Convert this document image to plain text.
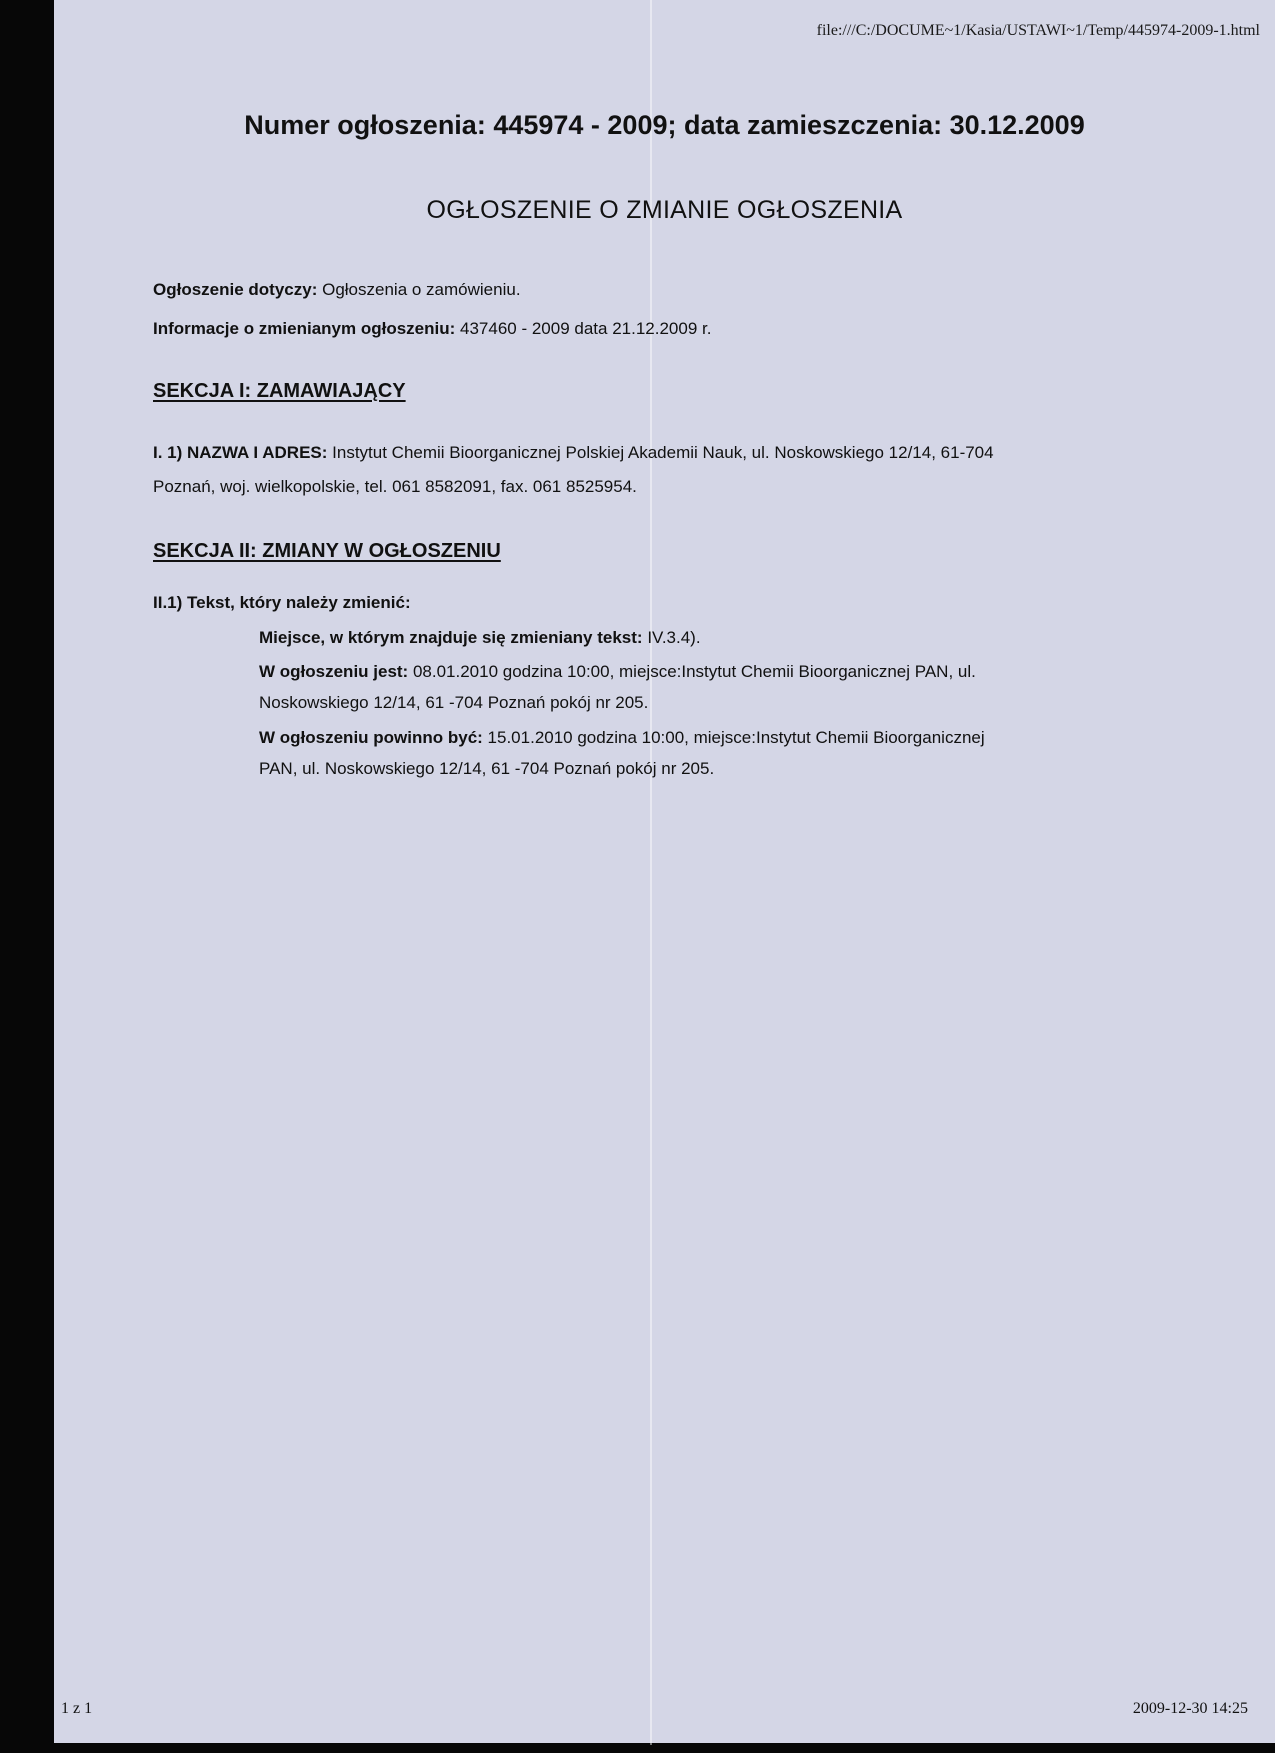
file:///C:/DOCUME~1/Kasia/USTAWI~1/Temp/445974-2009-1.html
Numer ogłoszenia: 445974 - 2009; data zamieszczenia: 30.12.2009
OGŁOSZENIE O ZMIANIE OGŁOSZENIA
Ogłoszenie dotyczy: Ogłoszenia o zamówieniu.
Informacje o zmienianym ogłoszeniu: 437460 - 2009 data 21.12.2009 r.
SEKCJA I: ZAMAWIAJĄCY
I. 1) NAZWA I ADRES: Instytut Chemii Bioorganicznej Polskiej Akademii Nauk, ul. Noskowskiego 12/14, 61-704
Poznań, woj. wielkopolskie, tel. 061 8582091, fax. 061 8525954.
SEKCJA II: ZMIANY W OGŁOSZENIU
II.1) Tekst, który należy zmienić:
Miejsce, w którym znajduje się zmieniany tekst: IV.3.4).
W ogłoszeniu jest: 08.01.2010 godzina 10:00, miejsce:Instytut Chemii Bioorganicznej PAN, ul.
Noskowskiego 12/14, 61 -704 Poznań pokój nr 205.
W ogłoszeniu powinno być: 15.01.2010 godzina 10:00, miejsce:Instytut Chemii Bioorganicznej
PAN, ul. Noskowskiego 12/14, 61 -704 Poznań pokój nr 205.
1 z 1	2009-12-30 14:25
